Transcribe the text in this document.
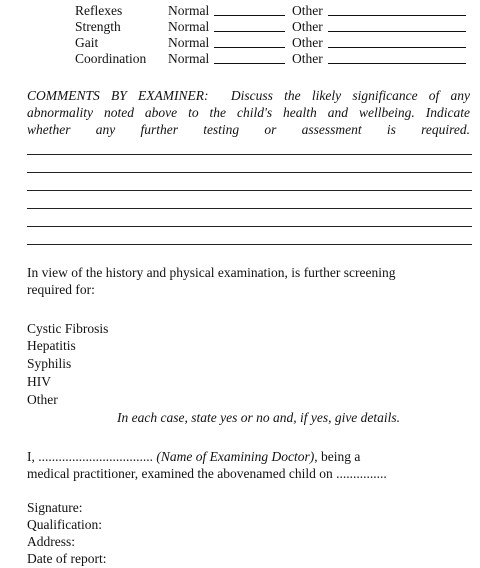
Reflexes	Normal	Other
Strength	Normal	Other
Gait	Normal	Other
Coordination Normal	Other
COMMENTS BY EXAMINER: Discuss the likely significance of any
abnormality noted above to the child's health and wellbeing. Indicate
whether any further testing or assessment is required.
In view of the history and physical examination, is further screening
required for:
Cystic Fibrosis
Hepatitis
Syphilis
HIV
Other
In each case, state yes or no and, if yes, give details.
I, .................................. (Name of Examining Doctor), being a
medical practitioner, examined the abovenamed child on ...............
Signature:
Qualification:
Address:
Date of report:
